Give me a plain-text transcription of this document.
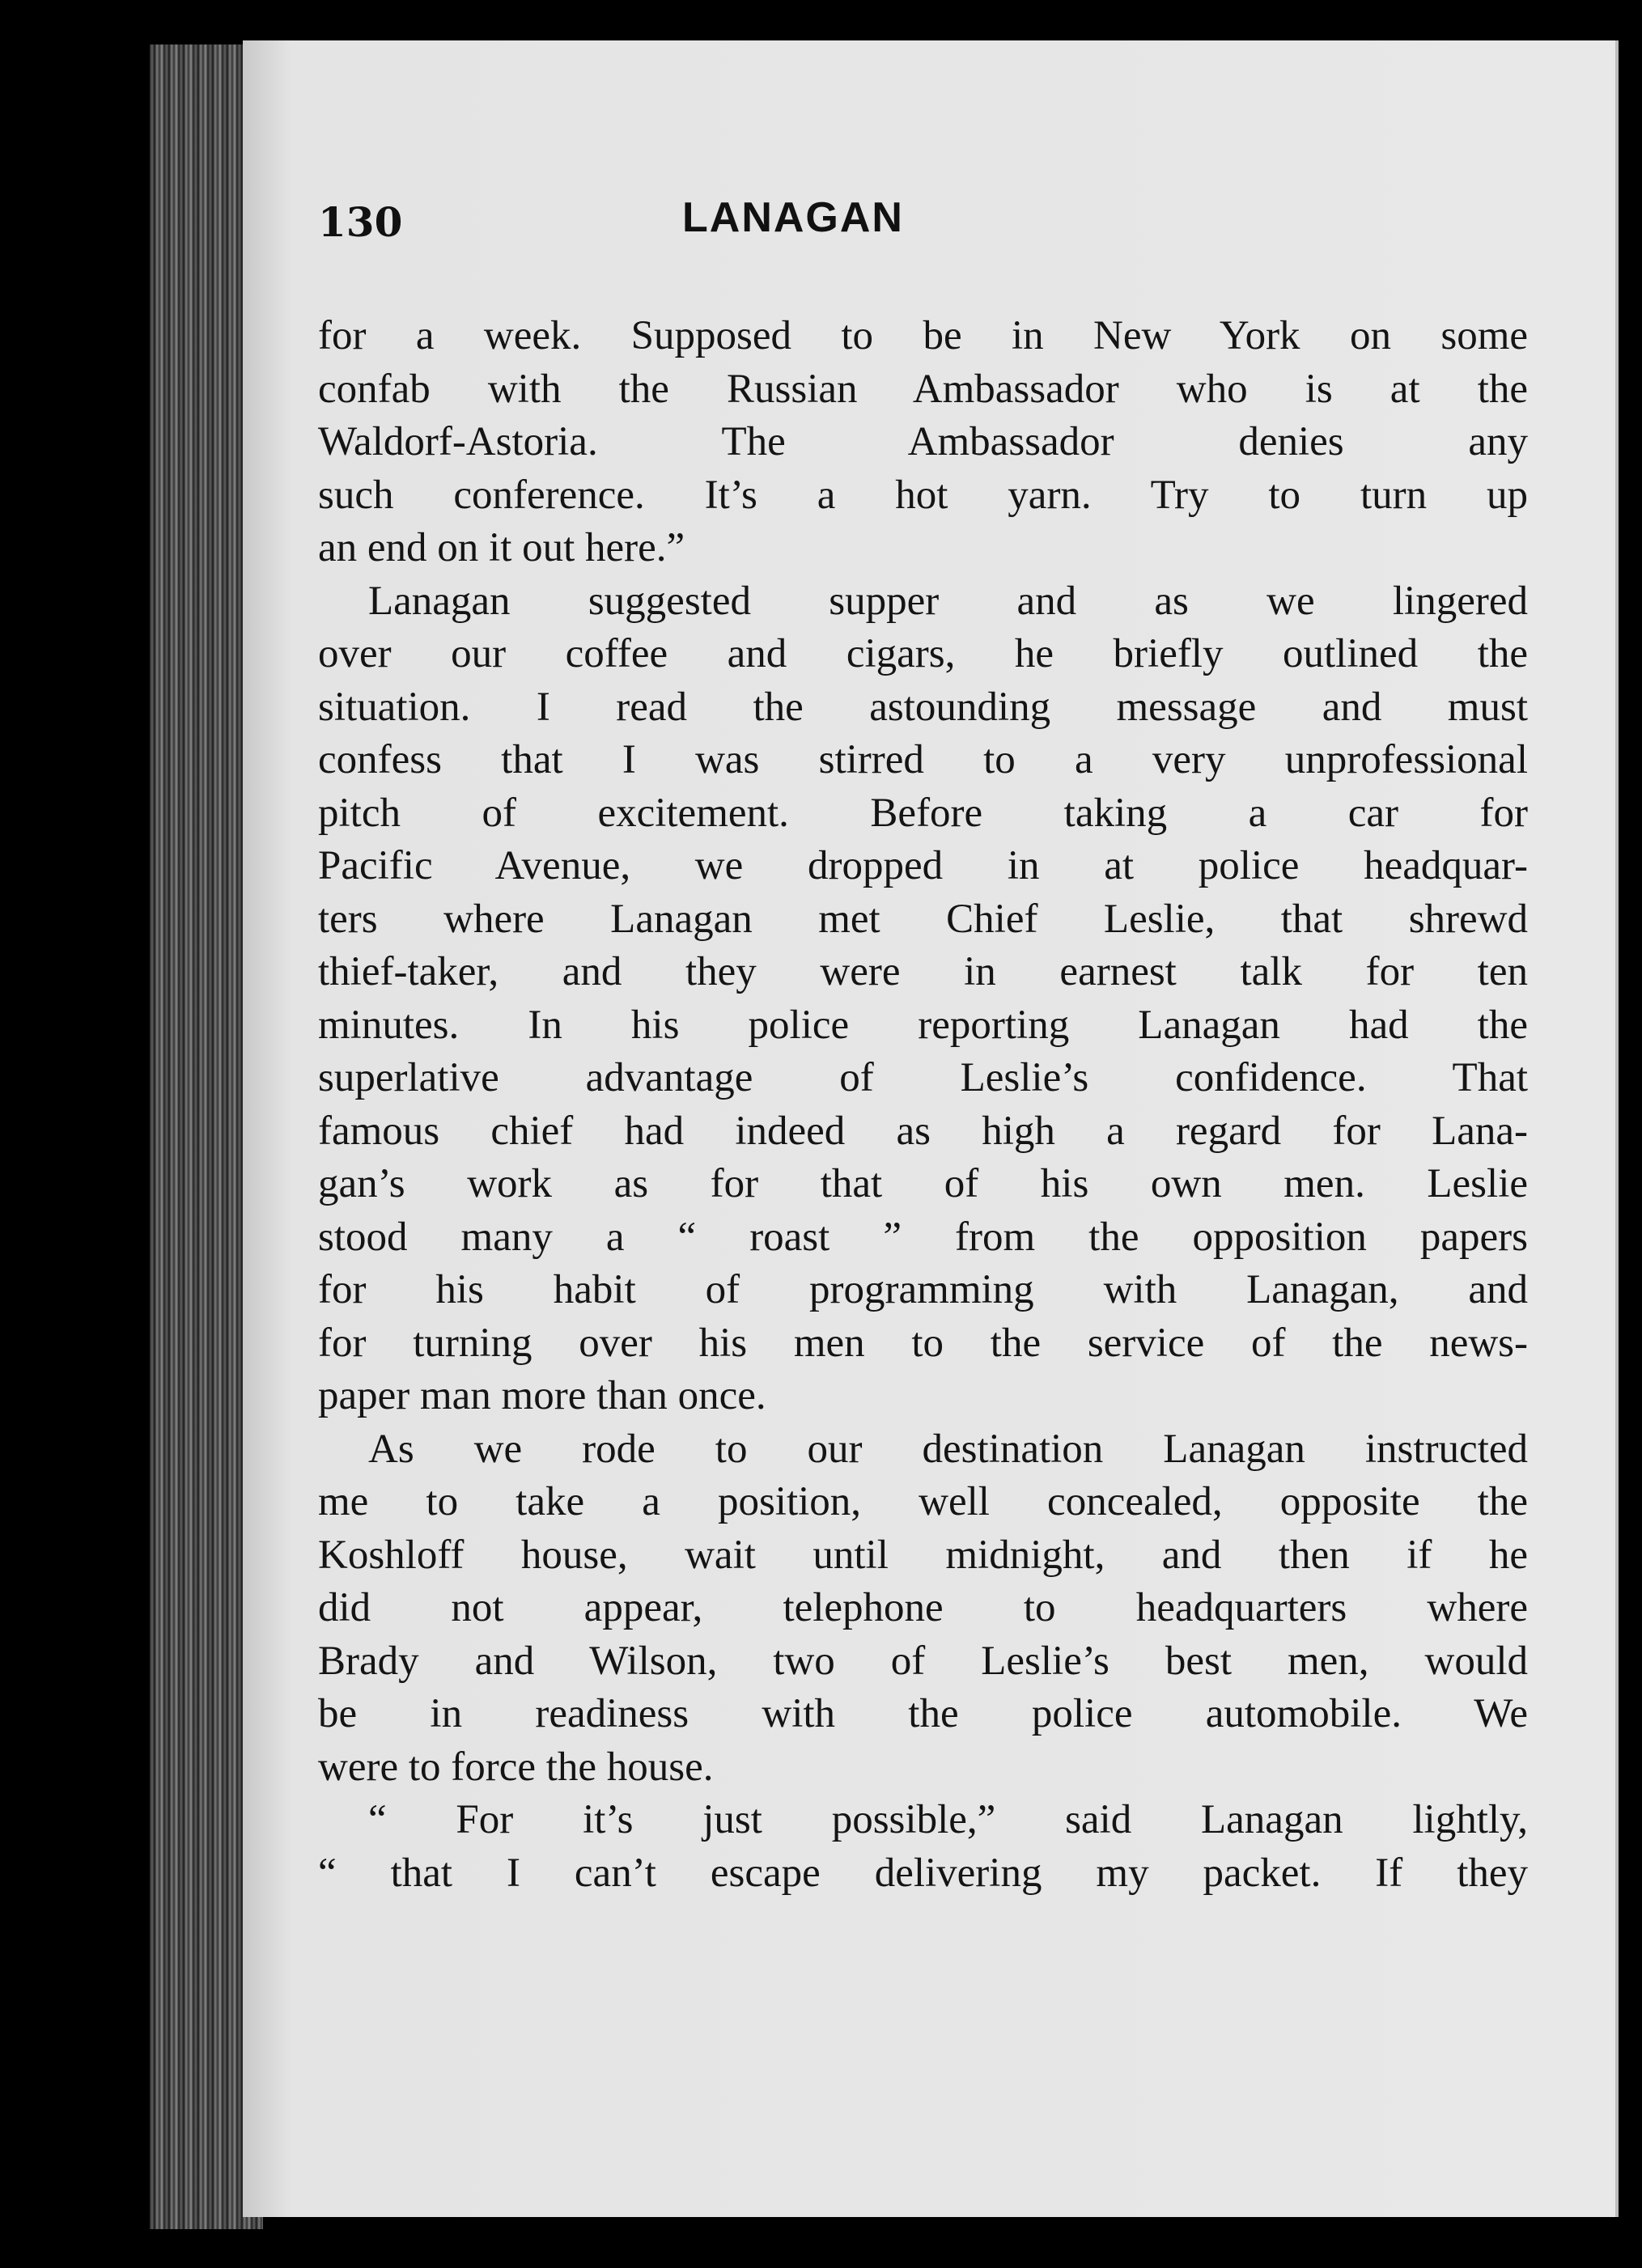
130	LANAGAN
for a week. Supposed to be in New York on some
confab with the Russian Ambassador who is at the
Waldorf-Astoria. The Ambassador denies any
such conference. It’s a hot yarn. Try to turn up
an end on it out here.”
Lanagan suggested supper and as we lingered
over our coffee and cigars, he briefly outlined the
situation. I read the astounding message and must
confess that I was stirred to a very unprofessional
pitch of excitement. Before taking a car for
Pacific Avenue, we dropped in at police headquar-
ters where Lanagan met Chief Leslie, that shrewd
thief-taker, and they were in earnest talk for ten
minutes. In his police reporting Lanagan had the
superlative advantage of Leslie’s confidence. That
famous chief had indeed as high a regard for Lana-
gan’s work as for that of his own men. Leslie
stood many a “ roast ” from the opposition papers
for his habit of programming with Lanagan, and
for turning over his men to the service of the news-
paper man more than once.
As we rode to our destination Lanagan instructed
me to take a position, well concealed, opposite the
Koshloff house, wait until midnight, and then if he
did not appear, telephone to headquarters where
Brady and Wilson, two of Leslie’s best men, would
be in readiness with the police automobile. We
were to force the house.
“ For it’s just possible,” said Lanagan lightly,
“ that I can’t escape delivering my packet. If they
